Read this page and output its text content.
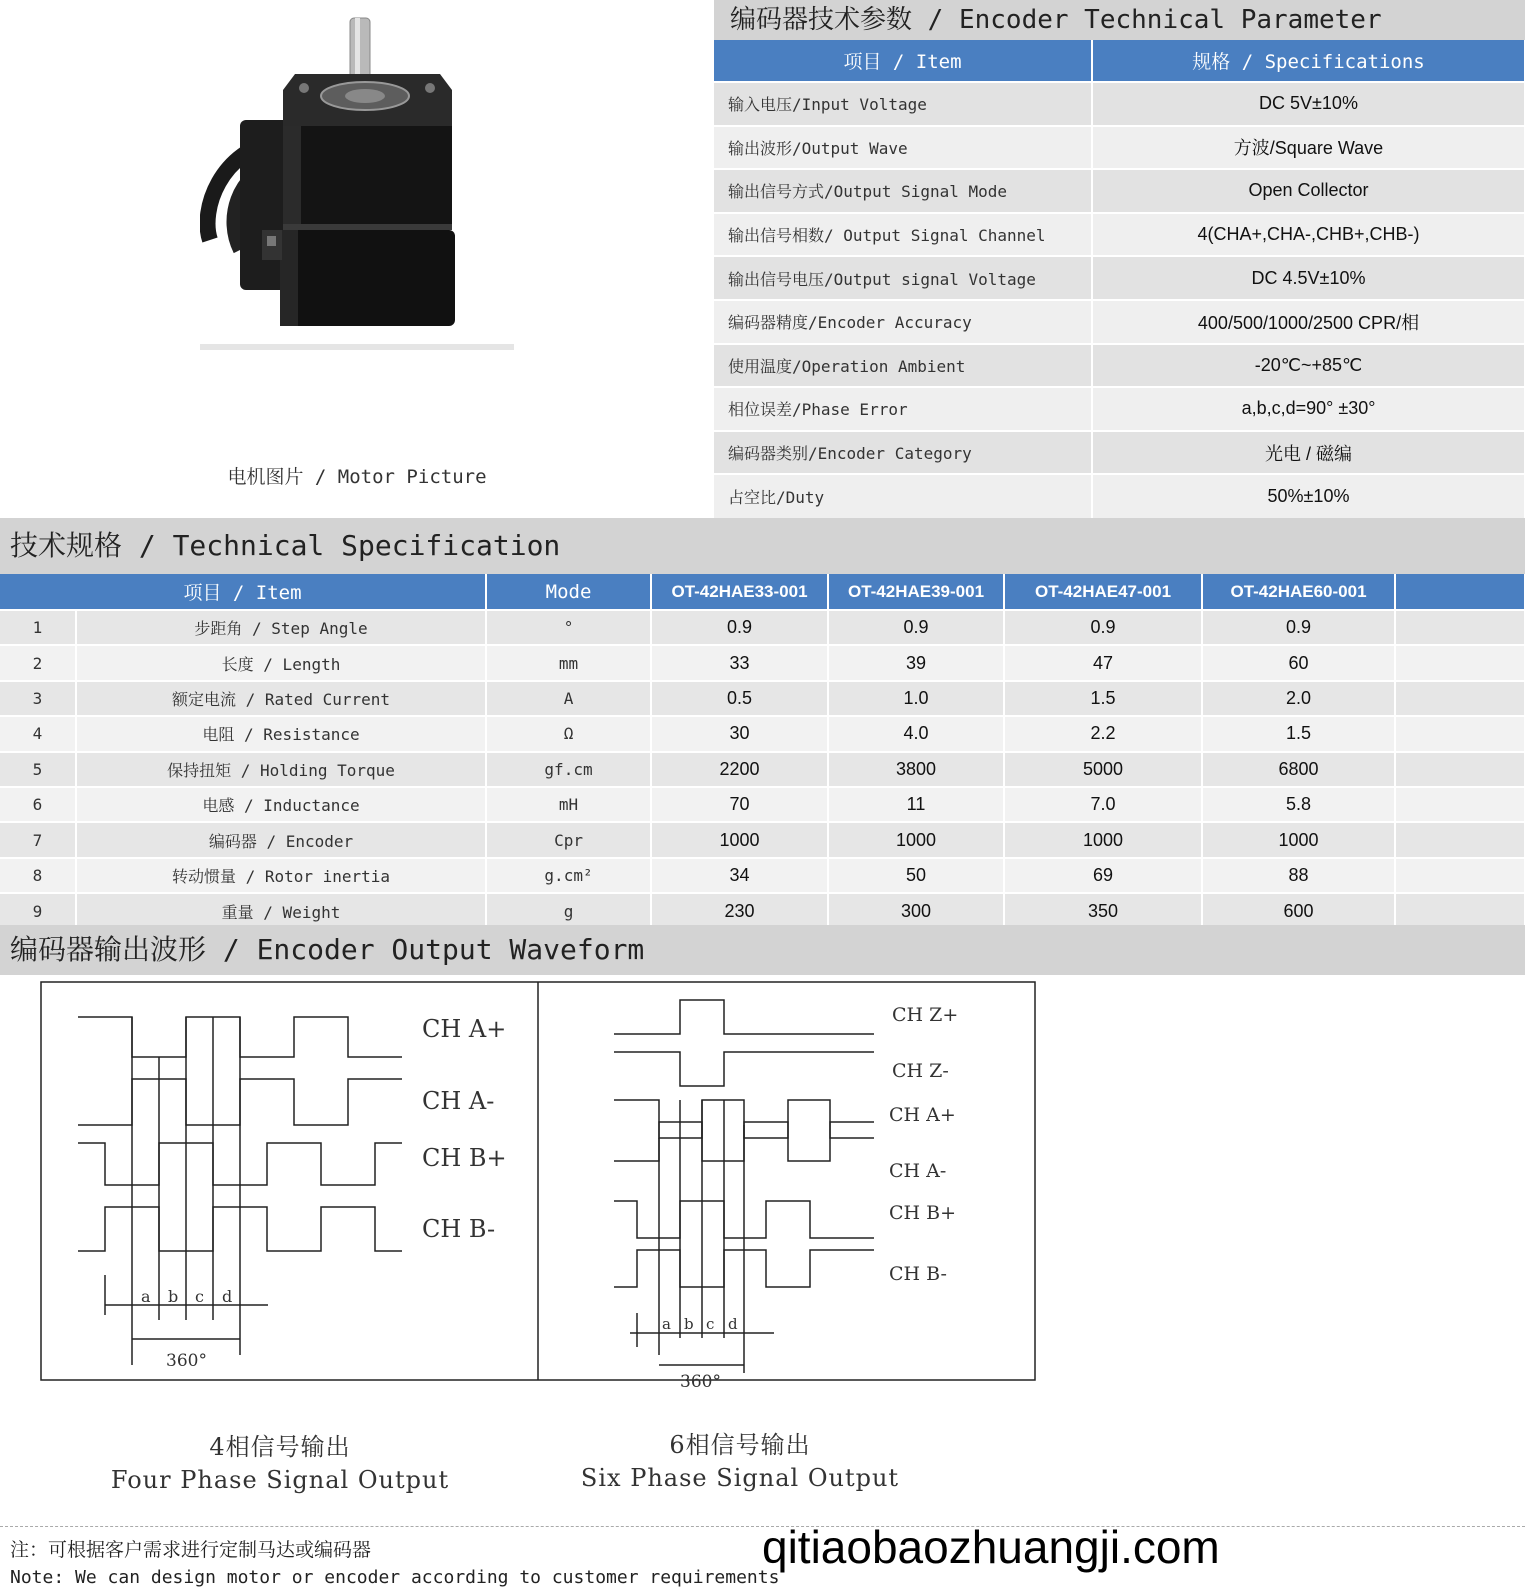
电机图片 / Motor Picture
编码器技术参数 / Encoder Technical Parameter
项目 / Item	规格 / Specifications
输入电压/Input Voltage	DC 5V±10%
输出波形/Output Wave	方波/Square Wave
输出信号方式/Output Signal Mode	Open Collector
输出信号相数/ Output Signal Channel	4(CHA+,CHA-,CHB+,CHB-)
输出信号电压/Output signal Voltage	DC 4.5V±10%
编码器精度/Encoder Accuracy	400/500/1000/2500 CPR/相
使用温度/Operation Ambient	-20℃~+85℃
相位误差/Phase Error	a,b,c,d=90° ±30°
编码器类别/Encoder Category	光电 / 磁编
占空比/Duty	50%±10%
技术规格 / Technical Specification
项目 / Item		Mode	OT-42HAE33-001	OT-42HAE39-001	OT-42HAE47-001	OT-42HAE60-001	
1	步距角 / Step Angle	°	0.9	0.9	0.9	0.9	
2	长度 / Length	mm	33	39	47	60	
3	额定电流 / Rated Current	A	0.5	1.0	1.5	2.0	
4	电阻 / Resistance	Ω	30	4.0	2.2	1.5	
5	保持扭矩 / Holding Torque	gf.cm	2200	3800	5000	6800	
6	电感 / Inductance	mH	70	11	7.0	5.8	
7	编码器 / Encoder	Cpr	1000	1000	1000	1000	
8	转动惯量 / Rotor inertia	g.cm²	34	50	69	88	
9	重量 / Weight	g	230	300	350	600	
编码器输出波形 / Encoder Output Waveform
CH A+
CH A-
CH B+
CH B-
a b c d
360°
CH Z+
CH Z-
CH A+
CH A-
CH B+
CH B-
a b c d
360°
4相信号输出
Four Phase Signal Output
6相信号输出
Six Phase Signal Output
注：可根据客户需求进行定制马达或编码器
Note: We can design motor or encoder according to customer requirements
qitiaobaozhuangji.com
